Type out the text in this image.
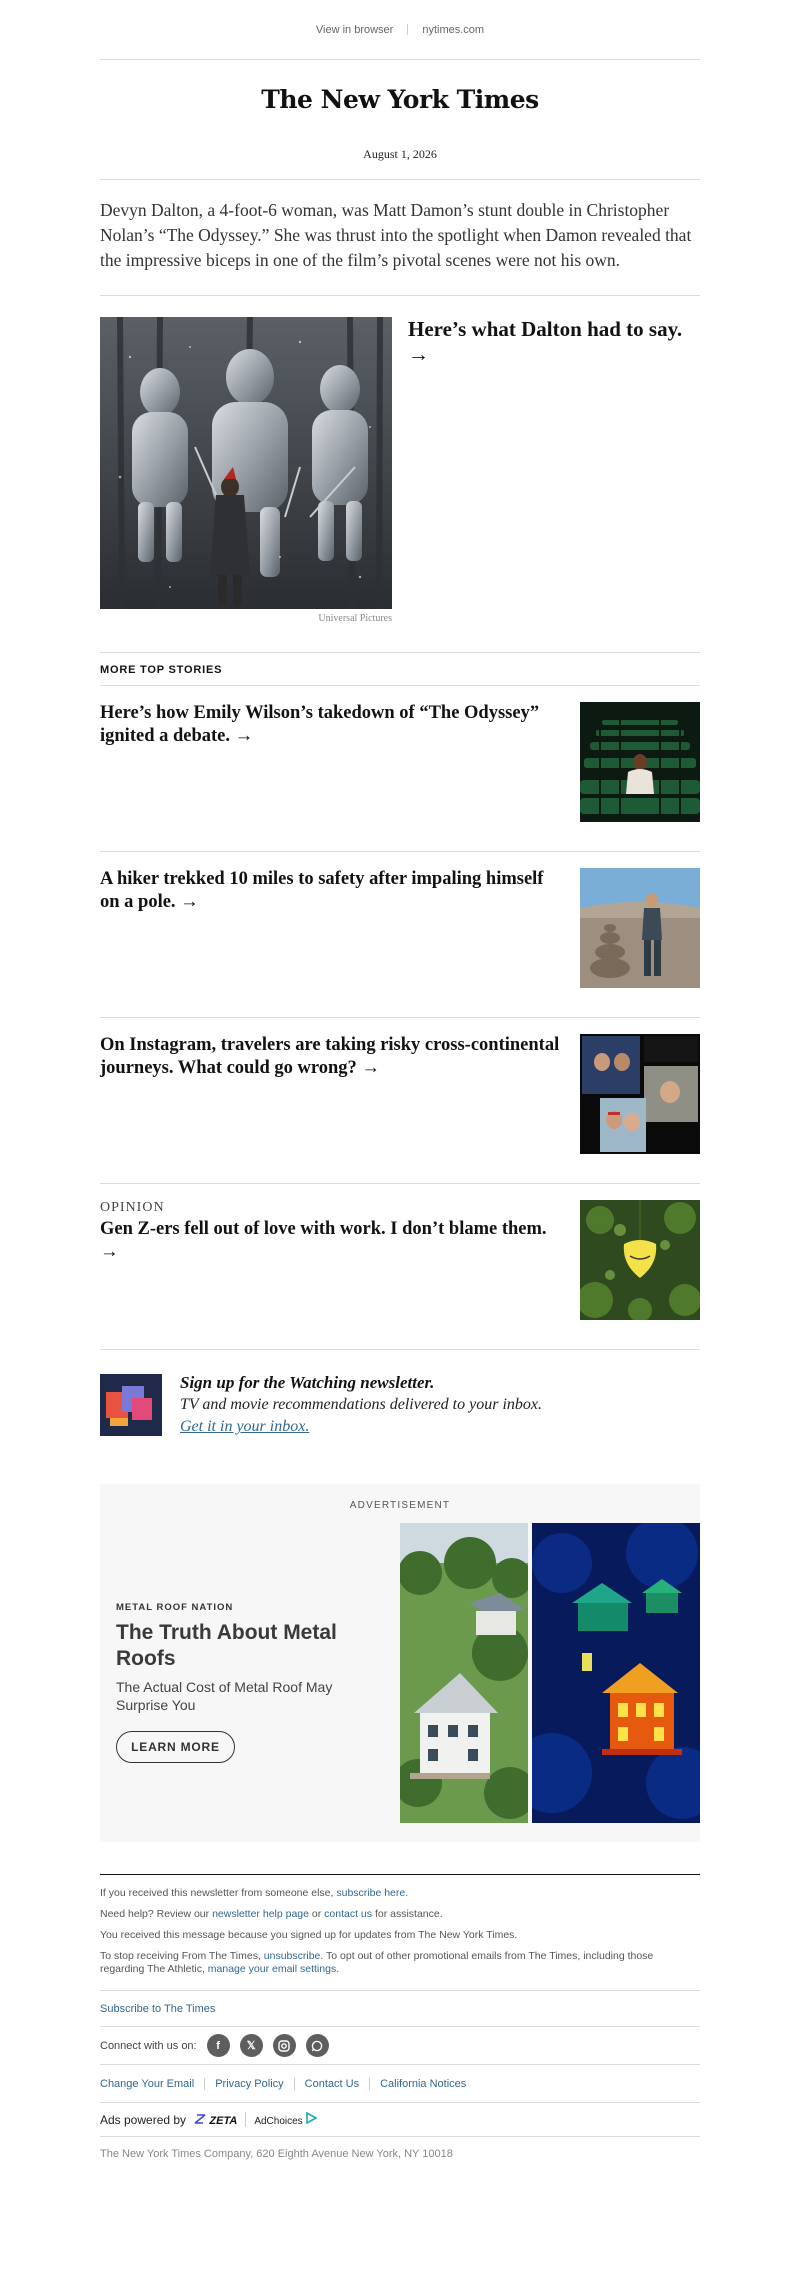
View in browser	nytimes.com
The New York Times
August 1, 2026
Devyn Dalton, a 4-foot-6 woman, was Matt Damon’s stunt double in Christopher Nolan’s “The Odyssey.” She was thrust into the spotlight when Damon revealed that the impressive biceps in one of the film’s pivotal scenes were not his own.
Universal Pictures
Here’s what Dalton had to say. →
MORE TOP STORIES
Here’s how Emily Wilson’s takedown of “The Odyssey” ignited a debate. →
A hiker trekked 10 miles to safety after impaling himself on a pole. →
On Instagram, travelers are taking risky cross-continental journeys. What could go wrong? →
OPINION
Gen Z-ers fell out of love with work. I don’t blame them. →
Sign up for the Watching newsletter.
TV and movie recommendations delivered to your inbox.
Get it in your inbox.
ADVERTISEMENT
METAL ROOF NATION
The Truth About Metal Roofs
The Actual Cost of Metal Roof May Surprise You
LEARN MORE

If you received this newsletter from someone else, subscribe here.

Need help? Review our newsletter help page or contact us for assistance.

You received this message because you signed up for updates from The New York Times.

To stop receiving From The Times, unsubscribe. To opt out of other promotional emails from The Times, including those regarding The Athletic, manage your email settings.

Subscribe to The Times
Connect with us on:	f	𝕏
Change Your Email	Privacy Policy	Contact Us	California Notices
Ads powered by	ZETA	AdChoices
The New York Times Company, 620 Eighth Avenue New York, NY 10018
